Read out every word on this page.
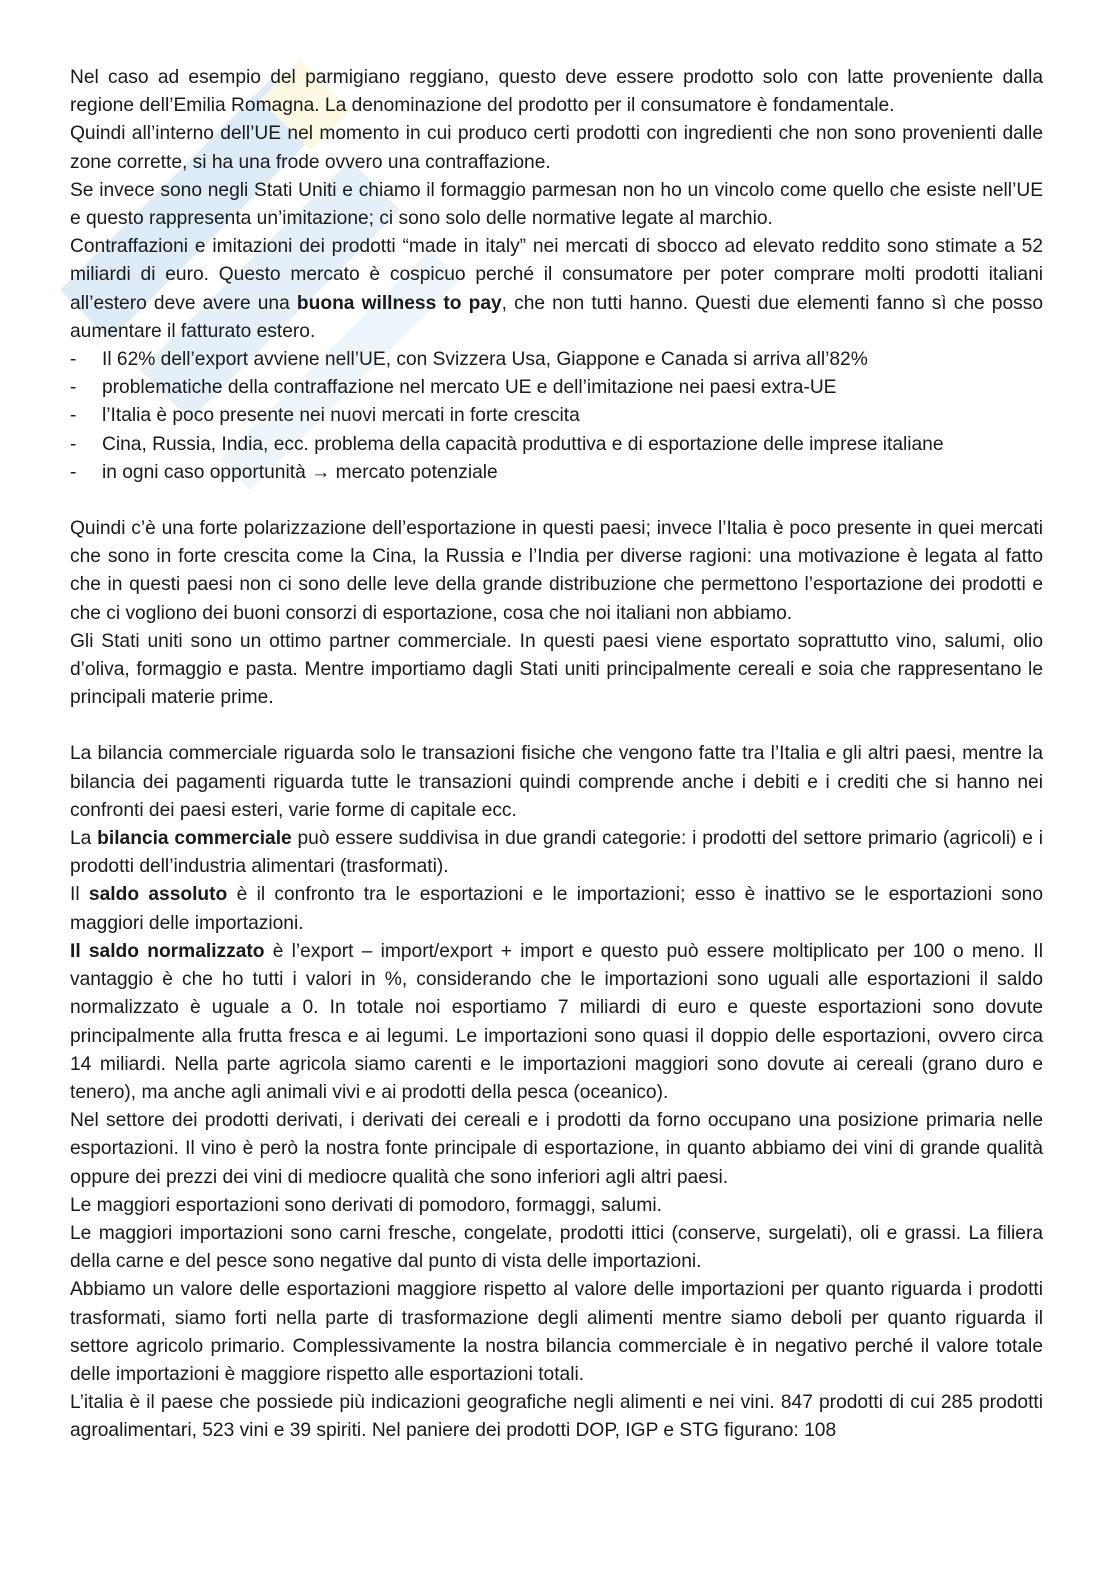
Nel caso ad esempio del parmigiano reggiano, questo deve essere prodotto solo con latte proveniente dalla regione dell’Emilia Romagna. La denominazione del prodotto per il consumatore è fondamentale.

Quindi all’interno dell’UE nel momento in cui produco certi prodotti con ingredienti che non sono provenienti dalle zone corrette, si ha una frode ovvero una contraffazione.

Se invece sono negli Stati Uniti e chiamo il formaggio parmesan non ho un vincolo come quello che esiste nell’UE e questo rappresenta un’imitazione; ci sono solo delle normative legate al marchio.

Contraffazioni e imitazioni dei prodotti “made in italy” nei mercati di sbocco ad elevato reddito sono stimate a 52 miliardi di euro. Questo mercato è cospicuo perché il consumatore per poter comprare molti prodotti italiani all’estero deve avere una buona willness to pay, che non tutti hanno. Questi due elementi fanno sì che posso aumentare il fatturato estero.

- Il 62% dell’export avviene nell’UE, con Svizzera Usa, Giappone e Canada si arriva all’82%
- problematiche della contraffazione nel mercato UE e dell’imitazione nei paesi extra-UE
- l’Italia è poco presente nei nuovi mercati in forte crescita
- Cina, Russia, India, ecc. problema della capacità produttiva e di esportazione delle imprese italiane
- in ogni caso opportunità → mercato potenziale

Quindi c’è una forte polarizzazione dell’esportazione in questi paesi; invece l’Italia è poco presente in quei mercati che sono in forte crescita come la Cina, la Russia e l’India per diverse ragioni: una motivazione è legata al fatto che in questi paesi non ci sono delle leve della grande distribuzione che permettono l’esportazione dei prodotti e che ci vogliono dei buoni consorzi di esportazione, cosa che noi italiani non abbiamo.

Gli Stati uniti sono un ottimo partner commerciale. In questi paesi viene esportato soprattutto vino, salumi, olio d’oliva, formaggio e pasta. Mentre importiamo dagli Stati uniti principalmente cereali e soia che rappresentano le principali materie prime.

La bilancia commerciale riguarda solo le transazioni fisiche che vengono fatte tra l’Italia e gli altri paesi, mentre la bilancia dei pagamenti riguarda tutte le transazioni quindi comprende anche i debiti e i crediti che si hanno nei confronti dei paesi esteri, varie forme di capitale ecc.

La bilancia commerciale può essere suddivisa in due grandi categorie: i prodotti del settore primario (agricoli) e i prodotti dell’industria alimentari (trasformati).

Il saldo assoluto è il confronto tra le esportazioni e le importazioni; esso è inattivo se le esportazioni sono maggiori delle importazioni.

Il saldo normalizzato è l’export – import/export + import e questo può essere moltiplicato per 100 o meno. Il vantaggio è che ho tutti i valori in %, considerando che le importazioni sono uguali alle esportazioni il saldo normalizzato è uguale a 0. In totale noi esportiamo 7 miliardi di euro e queste esportazioni sono dovute principalmente alla frutta fresca e ai legumi. Le importazioni sono quasi il doppio delle esportazioni, ovvero circa 14 miliardi. Nella parte agricola siamo carenti e le importazioni maggiori sono dovute ai cereali (grano duro e tenero), ma anche agli animali vivi e ai prodotti della pesca (oceanico).

Nel settore dei prodotti derivati, i derivati dei cereali e i prodotti da forno occupano una posizione primaria nelle esportazioni. Il vino è però la nostra fonte principale di esportazione, in quanto abbiamo dei vini di grande qualità oppure dei prezzi dei vini di mediocre qualità che sono inferiori agli altri paesi.

Le maggiori esportazioni sono derivati di pomodoro, formaggi, salumi.

Le maggiori importazioni sono carni fresche, congelate, prodotti ittici (conserve, surgelati), oli e grassi. La filiera della carne e del pesce sono negative dal punto di vista delle importazioni.

Abbiamo un valore delle esportazioni maggiore rispetto al valore delle importazioni per quanto riguarda i prodotti trasformati, siamo forti nella parte di trasformazione degli alimenti mentre siamo deboli per quanto riguarda il settore agricolo primario. Complessivamente la nostra bilancia commerciale è in negativo perché il valore totale delle importazioni è maggiore rispetto alle esportazioni totali.

L’italia è il paese che possiede più indicazioni geografiche negli alimenti e nei vini. 847 prodotti di cui 285 prodotti agroalimentari, 523 vini e 39 spiriti. Nel paniere dei prodotti DOP, IGP e STG figurano: 108
